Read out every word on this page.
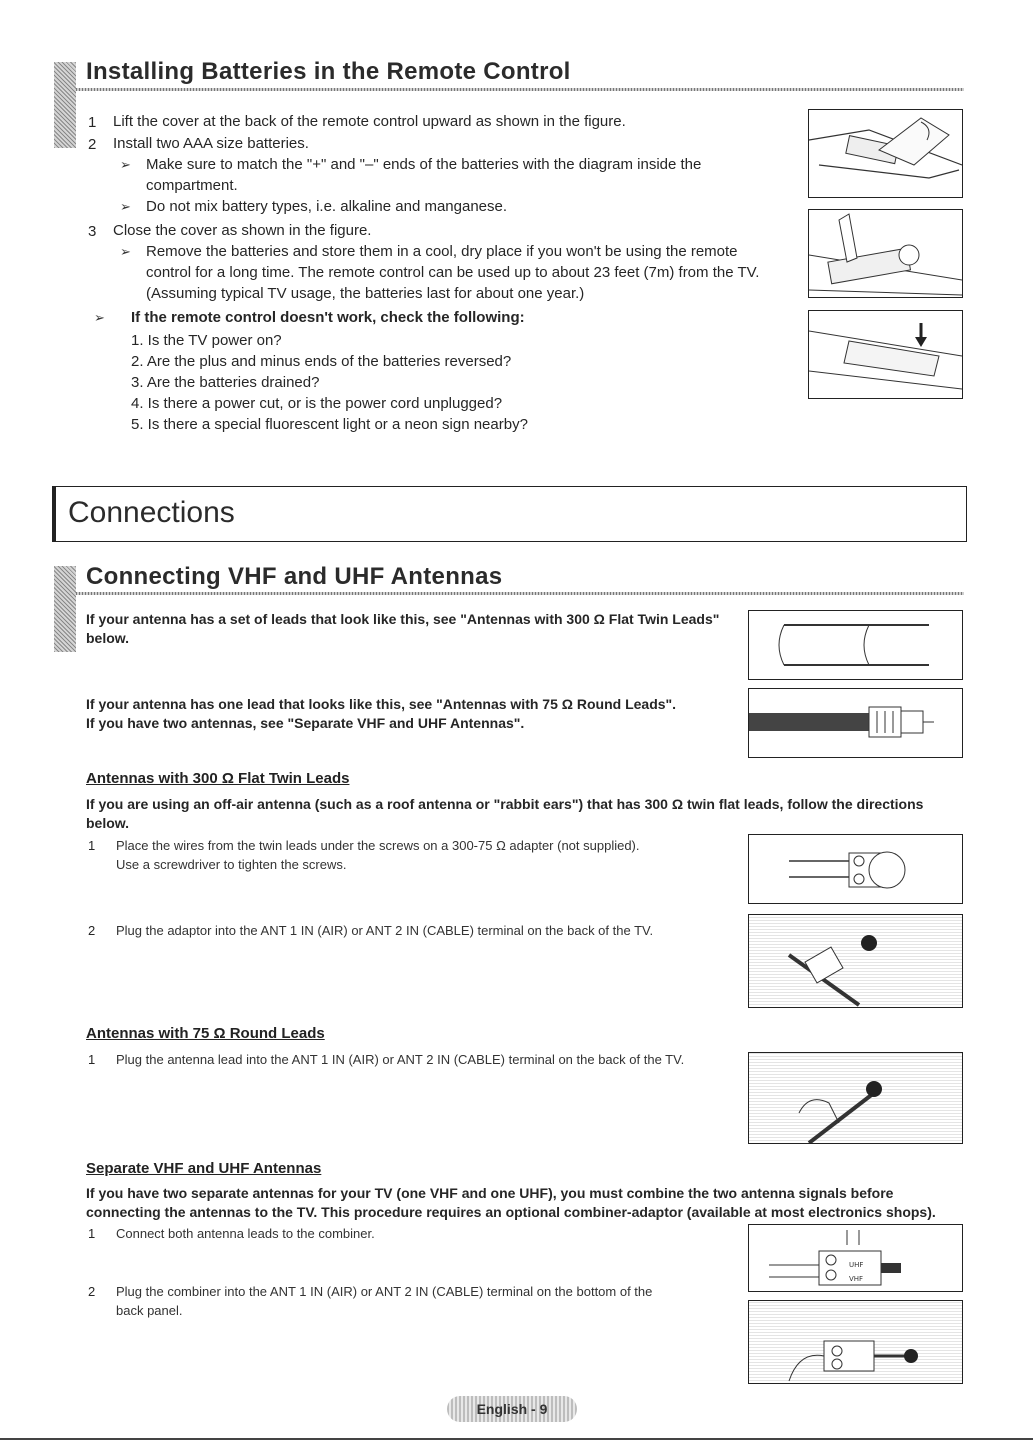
Installing Batteries in the Remote Control
1 Lift the cover at the back of the remote control upward as shown in the figure.
2 Install two AAA size batteries.
➢ Make sure to match the "+" and "–" ends of the batteries with the diagram inside the
compartment.
➢ Do not mix battery types, i.e. alkaline and manganese.
3 Close the cover as shown in the figure.
➢ Remove the batteries and store them in a cool, dry place if you won't be using the remote
control for a long time. The remote control can be used up to about 23 feet (7m) from the TV.
(Assuming typical TV usage, the batteries last for about one year.)
➢ If the remote control doesn't work, check the following:
1. Is the TV power on?
2. Are the plus and minus ends of the batteries reversed?
3. Are the batteries drained?
4. Is there a power cut, or is the power cord unplugged?
5. Is there a special fluorescent light or a neon sign nearby?
Connections
Connecting VHF and UHF Antennas
If your antenna has a set of leads that look like this, see "Antennas with 300 Ω Flat Twin Leads"
below.
If your antenna has one lead that looks like this, see "Antennas with 75 Ω Round Leads".
If you have two antennas, see "Separate VHF and UHF Antennas".
Antennas with 300 Ω Flat Twin Leads
If you are using an off-air antenna (such as a roof antenna or "rabbit ears") that has 300 Ω twin flat leads, follow the directions
below.
1 Place the wires from the twin leads under the screws on a 300-75 Ω adapter (not supplied).
Use a screwdriver to tighten the screws.
2 Plug the adaptor into the ANT 1 IN (AIR) or ANT 2 IN (CABLE) terminal on the back of the TV.
Antennas with 75 Ω Round Leads
1 Plug the antenna lead into the ANT 1 IN (AIR) or ANT 2 IN (CABLE) terminal on the back of the TV.
Separate VHF and UHF Antennas
If you have two separate antennas for your TV (one VHF and one UHF), you must combine the two antenna signals before
connecting the antennas to the TV. This procedure requires an optional combiner-adaptor (available at most electronics shops).
1 Connect both antenna leads to the combiner.
2 Plug the combiner into the ANT 1 IN (AIR) or ANT 2 IN (CABLE) terminal on the bottom of the
back panel.
UHF
VHF
English - 9
